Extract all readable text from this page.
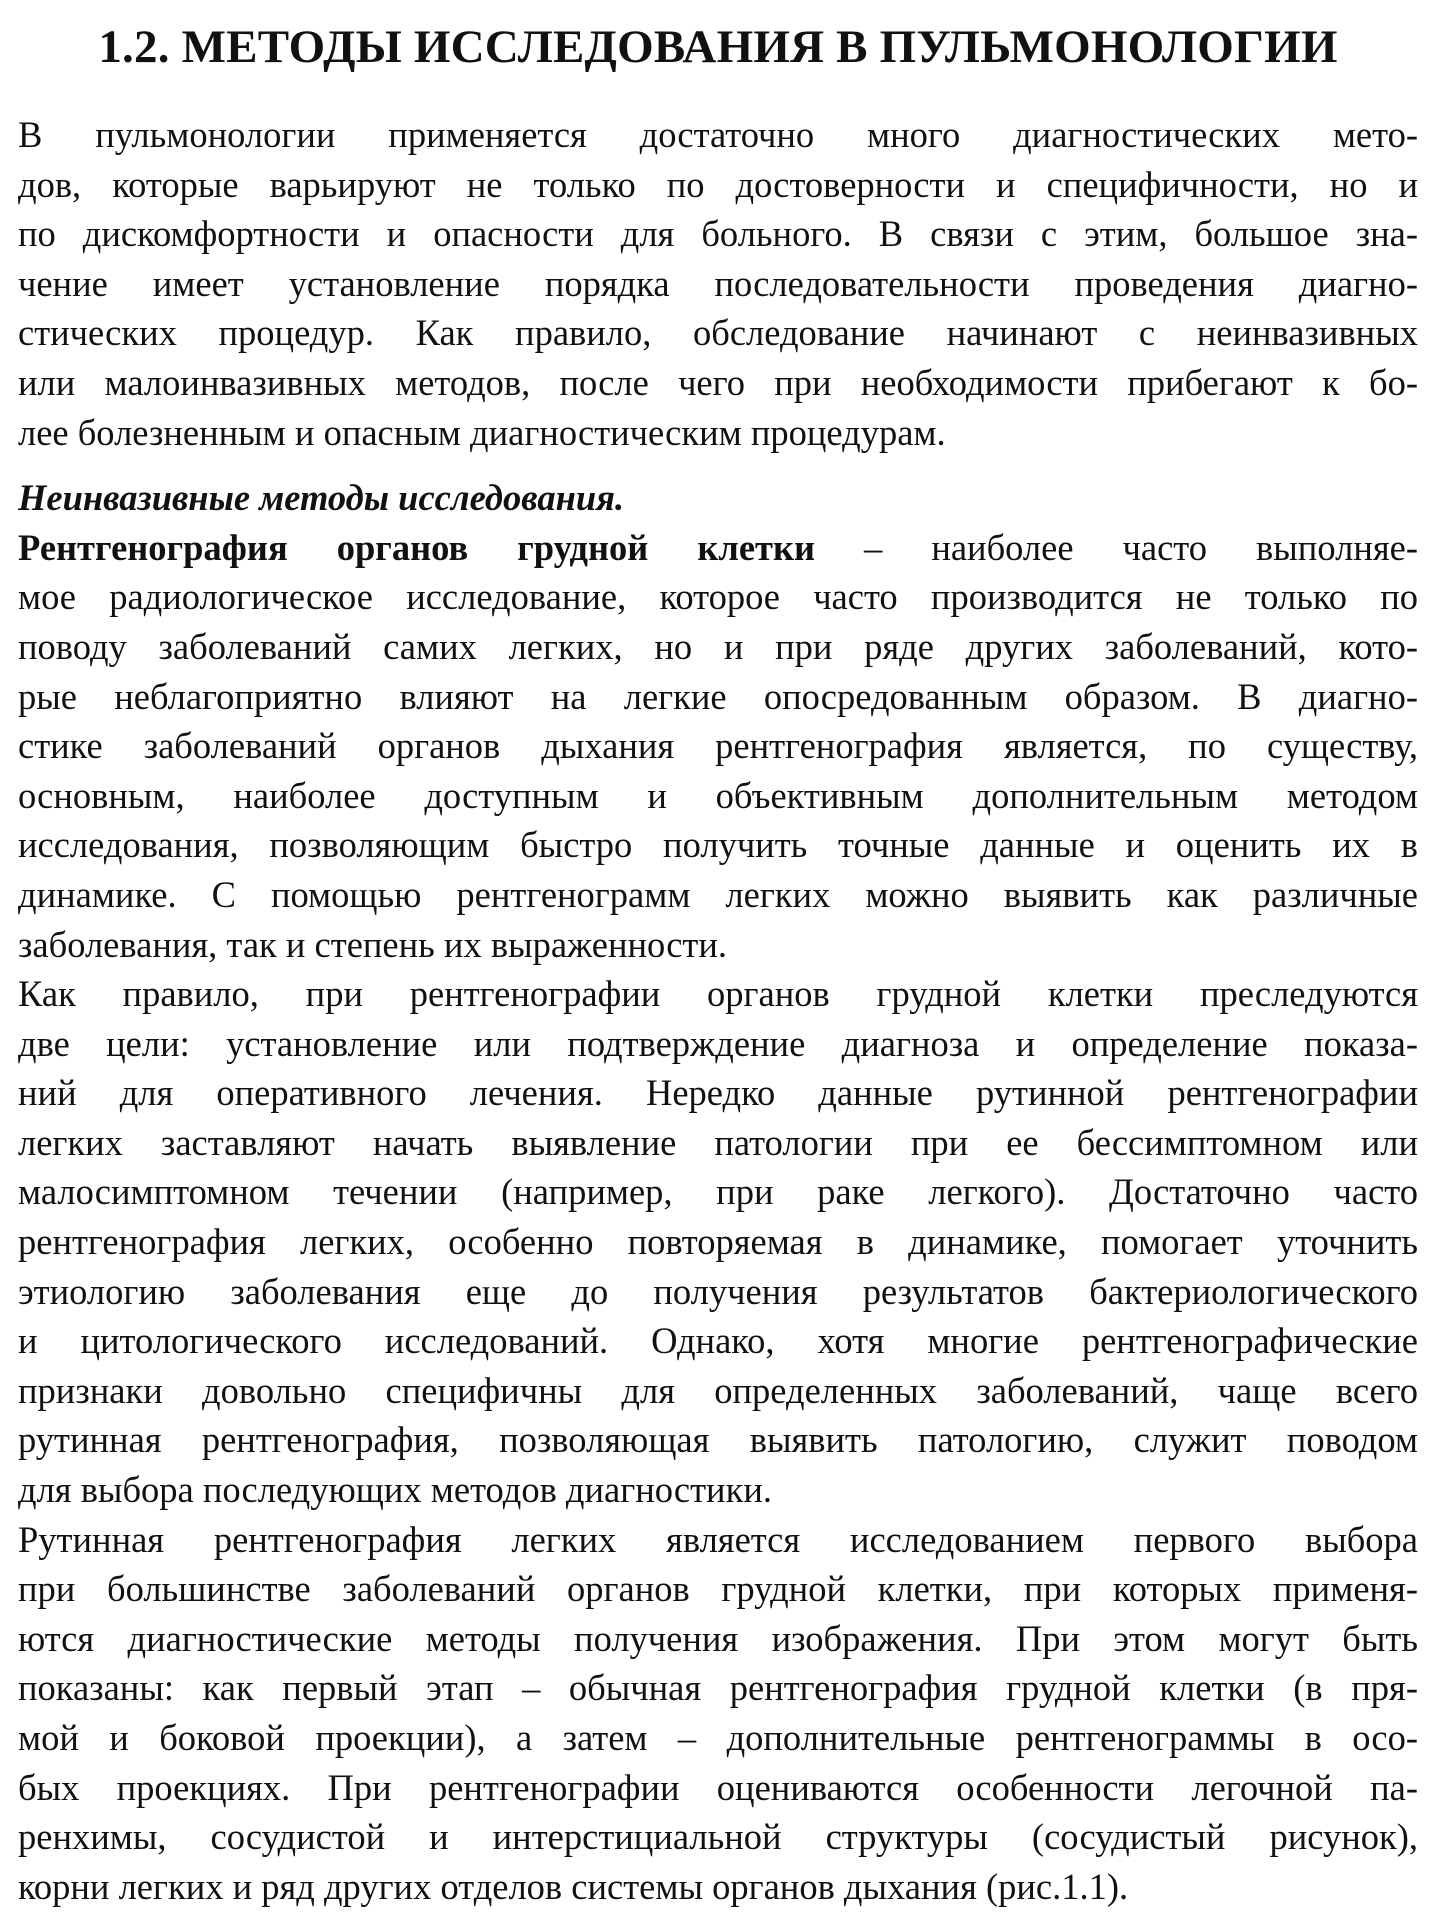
1.2. МЕТОДЫ ИССЛЕДОВАНИЯ В ПУЛЬМОНОЛОГИИ
В пульмонологии применяется достаточно много диагностических мето-
дов, которые варьируют не только по достоверности и специфичности, но и
по дискомфортности и опасности для больного. В связи с этим, большое зна-
чение имеет установление порядка последовательности проведения диагно-
стических процедур. Как правило, обследование начинают с неинвазивных
или малоинвазивных методов, после чего при необходимости прибегают к бо-
лее болезненным и опасным диагностическим процедурам.
Неинвазивные методы исследования.
Рентгенография органов грудной клетки – наиболее часто выполняе-
мое радиологическое исследование, которое часто производится не только по
поводу заболеваний самих легких, но и при ряде других заболеваний, кото-
рые неблагоприятно влияют на легкие опосредованным образом. В диагно-
стике заболеваний органов дыхания рентгенография является, по существу,
основным, наиболее доступным и объективным дополнительным методом
исследования, позволяющим быстро получить точные данные и оценить их в
динамике. С помощью рентгенограмм легких можно выявить как различные
заболевания, так и степень их выраженности.
Как правило, при рентгенографии органов грудной клетки преследуются
две цели: установление или подтверждение диагноза и определение показа-
ний для оперативного лечения. Нередко данные рутинной рентгенографии
легких заставляют начать выявление патологии при ее бессимптомном или
малосимптомном течении (например, при раке легкого). Достаточно часто
рентгенография легких, особенно повторяемая в динамике, помогает уточнить
этиологию заболевания еще до получения результатов бактериологического
и цитологического исследований. Однако, хотя многие рентгенографические
признаки довольно специфичны для определенных заболеваний, чаще всего
рутинная рентгенография, позволяющая выявить патологию, служит поводом
для выбора последующих методов диагностики.
Рутинная рентгенография легких является исследованием первого выбора
при большинстве заболеваний органов грудной клетки, при которых применя-
ются диагностические методы получения изображения. При этом могут быть
показаны: как первый этап – обычная рентгенография грудной клетки (в пря-
мой и боковой проекции), а затем – дополнительные рентгенограммы в осо-
бых проекциях. При рентгенографии оцениваются особенности легочной па-
ренхимы, сосудистой и интерстициальной структуры (сосудистый рисунок),
корни легких и ряд других отделов системы органов дыхания (рис.1.1).
